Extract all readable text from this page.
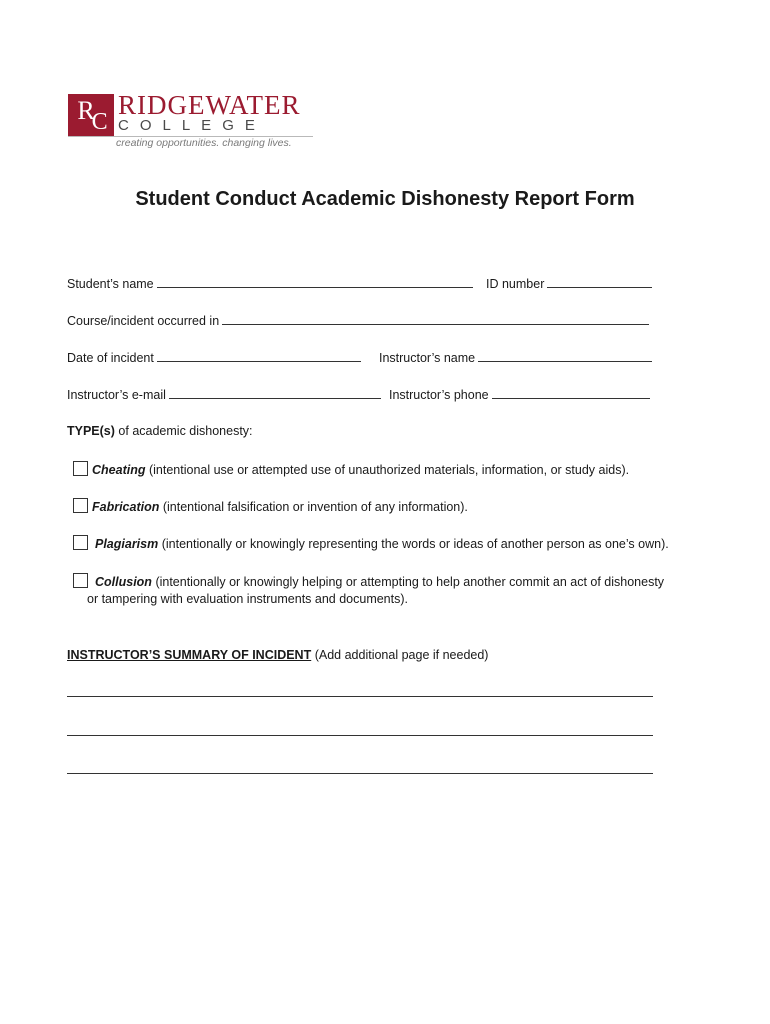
RC
RIDGEWATER
COLLEGE
creating opportunities. changing lives.
Student Conduct Academic Dishonesty Report Form
Student’s name	ID number
Course/incident occurred in
Date of incident	Instructor’s name
Instructor’s e-mail	Instructor’s phone
TYPE(s) of academic dishonesty:
Cheating (intentional use or attempted use of unauthorized materials, information, or study aids).
Fabrication (intentional falsification or invention of any information).
Plagiarism (intentionally or knowingly representing the words or ideas of another person as one’s own).
Collusion (intentionally or knowingly helping or attempting to help another commit an act of dishonesty
or tampering with evaluation instruments and documents).
INSTRUCTOR’S SUMMARY OF INCIDENT (Add additional page if needed)
